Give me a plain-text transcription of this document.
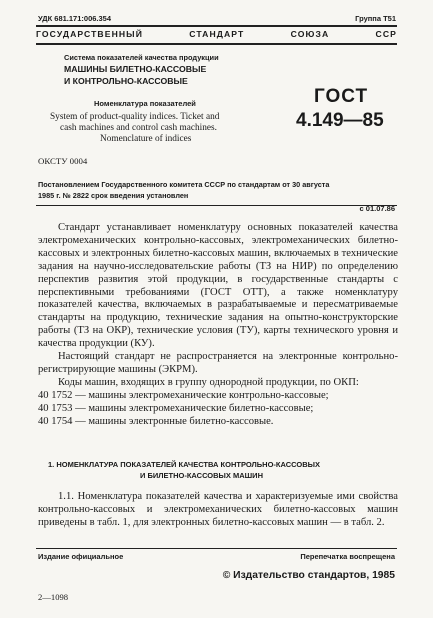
УДК 681.171:006.354	Группа Т51
ГОСУДАРСТВЕННЫЙ СТАНДАРТ СОЮЗА ССР
Система показателей качества продукции
МАШИНЫ БИЛЕТНО-КАССОВЫЕ
И КОНТРОЛЬНО-КАССОВЫЕ
Номенклатура показателей
System of product-quality indices. Ticket and
cash machines and control cash machines.
Nomenclature of indices
ГОСТ
4.149—85
ОКСТУ 0004
Постановлением Государственного комитета СССР по стандартам от 30 августа
1985 г. № 2822 срок введения установлен
с 01.07.86

Стандарт устанавливает номенклатуру основных показателей качества электромеханических контрольно-кассовых, электромеханических билетно-кассовых и электронных билетно-кассовых машин, включаемых в технические задания на научно-исследовательские работы (ТЗ на НИР) по определению перспектив развития этой продукции, в государственные стандарты с перспективными требованиями (ГОСТ ОТТ), а также номенклатуру показателей качества, включаемых в разрабатываемые и пересматриваемые стандарты на продукцию, технические задания на опытно-конструкторские работы (ТЗ на ОКР), технические условия (ТУ), карты технического уровня и качества продукции (КУ).

Настоящий стандарт не распространяется на электронные контрольно-регистрирующие машины (ЭКРМ).

Коды машин, входящих в группу однородной продукции, по ОКП:

40 1752 — машины электромеханические контрольно-кассовые;
40 1753 — машины электромеханические билетно-кассовые;
40 1754 — машины электронные билетно-кассовые.
1. НОМЕНКЛАТУРА ПОКАЗАТЕЛЕЙ КАЧЕСТВА КОНТРОЛЬНО-КАССОВЫХ
И БИЛЕТНО-КАССОВЫХ МАШИН

1.1. Номенклатура показателей качества и характеризуемые ими свойства контрольно-кассовых и электромеханических билетно-кассовых машин приведены в табл. 1, для электронных билетно-кассовых машин — в табл. 2.

Издание официальное	Перепечатка воспрещена
© Издательство стандартов, 1985
2—1098
